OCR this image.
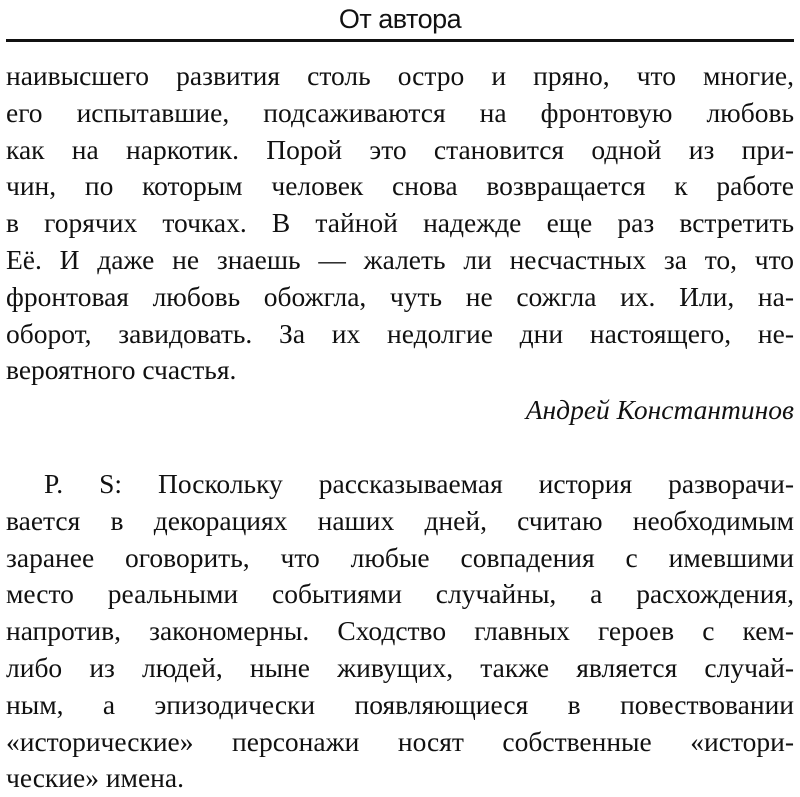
От автора
наивысшего развития столь остро и пряно, что многие,
его испытавшие, подсаживаются на фронтовую любовь
как на наркотик. Порой это становится одной из при-
чин, по которым человек снова возвращается к работе
в горячих точках. В тайной надежде еще раз встретить
Её. И даже не знаешь — жалеть ли несчастных за то, что
фронтовая любовь обожгла, чуть не сожгла их. Или, на-
оборот, завидовать. За их недолгие дни настоящего, не-
вероятного счастья.
Андрей Константинов
P. S: Поскольку рассказываемая история разворачи-
вается в декорациях наших дней, считаю необходимым
заранее оговорить, что любые совпадения с имевшими
место реальными событиями случайны, а расхождения,
напротив, закономерны. Сходство главных героев с кем-
либо из людей, ныне живущих, также является случай-
ным, а эпизодически появляющиеся в повествовании
«исторические» персонажи носят собственные «истори-
ческие» имена.
